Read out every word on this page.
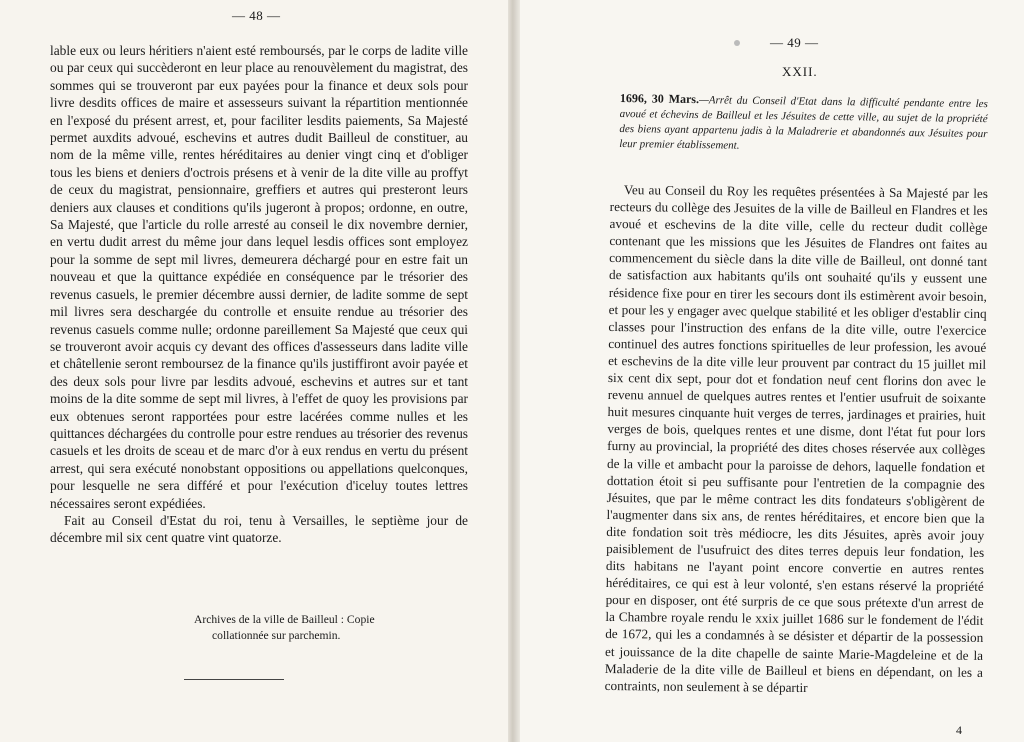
— 48 —

lable eux ou leurs héritiers n'aient esté remboursés, par le corps de ladite ville ou par ceux qui succèderont en leur place au renouvèlement du magistrat, des sommes qui se trouveront par eux payées pour la finance et deux sols pour livre desdits offices de maire et assesseurs suivant la répartition mentionnée en l'exposé du présent arrest, et, pour faciliter lesdits paiements, Sa Majesté permet auxdits advoué, eschevins et autres dudit Bailleul de constituer, au nom de la même ville, rentes héréditaires au denier vingt cinq et d'obliger tous les biens et deniers d'octrois présens et à venir de la dite ville au proffyt de ceux du magistrat, pensionnaire, greffiers et autres qui presteront leurs deniers aux clauses et conditions qu'ils jugeront à propos; ordonne, en outre, Sa Majesté, que l'article du rolle arresté au conseil le dix novembre dernier, en vertu dudit arrest du même jour dans lequel lesdis offices sont employez pour la somme de sept mil livres, demeurera déchargé pour en estre fait un nouveau et que la quittance expédiée en conséquence par le trésorier des revenus casuels, le premier décembre aussi dernier, de ladite somme de sept mil livres sera deschargée du controlle et ensuite rendue au trésorier des revenus casuels comme nulle; ordonne pareillement Sa Majesté que ceux qui se trouveront avoir acquis cy devant des offices d'assesseurs dans ladite ville et châtellenie seront remboursez de la finance qu'ils justiffiront avoir payée et des deux sols pour livre par lesdits advoué, eschevins et autres sur et tant moins de la dite somme de sept mil livres, à l'effet de quoy les provisions par eux obtenues seront rapportées pour estre lacérées comme nulles et les quittances déchargées du controlle pour estre rendues au trésorier des revenus casuels et les droits de sceau et de marc d'or à eux rendus en vertu du présent arrest, qui sera exécuté nonobstant oppositions ou appellations quelconques, pour lesquelle ne sera différé et pour l'exécution d'iceluy toutes lettres nécessaires seront expédiées.

Fait au Conseil d'Estat du roi, tenu à Versailles, le septième jour de décembre mil six cent quatre vint quatorze.

Archives de la ville de Bailleul : Copie
collationnée sur parchemin.
— 49 —
XXII.
1696, 30 Mars.—Arrêt du Conseil d'Etat dans la difficulté pendante entre les avoué et échevins de Bailleul et les Jésuites de cette ville, au sujet de la propriété des biens ayant appartenu jadis à la Maladrerie et abandonnés aux Jésuites pour leur premier établissement.

Veu au Conseil du Roy les requêtes présentées à Sa Majesté par les recteurs du collège des Jesuites de la ville de Bailleul en Flandres et les avoué et eschevins de la dite ville, celle du recteur dudit collège contenant que les missions que les Jésuites de Flandres ont faites au commencement du siècle dans la dite ville de Bailleul, ont donné tant de satisfaction aux habitants qu'ils ont souhaité qu'ils y eussent une résidence fixe pour en tirer les secours dont ils estimèrent avoir besoin, et pour les y engager avec quelque stabilité et les obliger d'establir cinq classes pour l'instruction des enfans de la dite ville, outre l'exercice continuel des autres fonctions spirituelles de leur profession, les avoué et eschevins de la dite ville leur prouvent par contract du 15 juillet mil six cent dix sept, pour dot et fondation neuf cent florins don avec le revenu annuel de quelques autres rentes et l'entier usufruit de soixante huit mesures cinquante huit verges de terres, jardinages et prairies, huit verges de bois, quelques rentes et une disme, dont l'état fut pour lors furny au provincial, la propriété des dites choses réservée aux collèges de la ville et ambacht pour la paroisse de dehors, laquelle fondation et dottation étoit si peu suffisante pour l'entretien de la compagnie des Jésuites, que par le même contract les dits fondateurs s'obligèrent de l'augmenter dans six ans, de rentes héréditaires, et encore bien que la dite fondation soit très médiocre, les dits Jésuites, après avoir jouy paisiblement de l'usufruict des dites terres depuis leur fondation, les dits habitans ne l'ayant point encore convertie en autres rentes héréditaires, ce qui est à leur volonté, s'en estans réservé la propriété pour en disposer, ont été surpris de ce que sous prétexte d'un arrest de la Chambre royale rendu le xxix juillet 1686 sur le fondement de l'édit de 1672, qui les a condamnés à se désister et départir de la possession et jouissance de la dite chapelle de sainte Marie-Magdeleine et de la Maladerie de la dite ville de Bailleul et biens en dépendant, on les a contraints, non seulement à se départir

4
